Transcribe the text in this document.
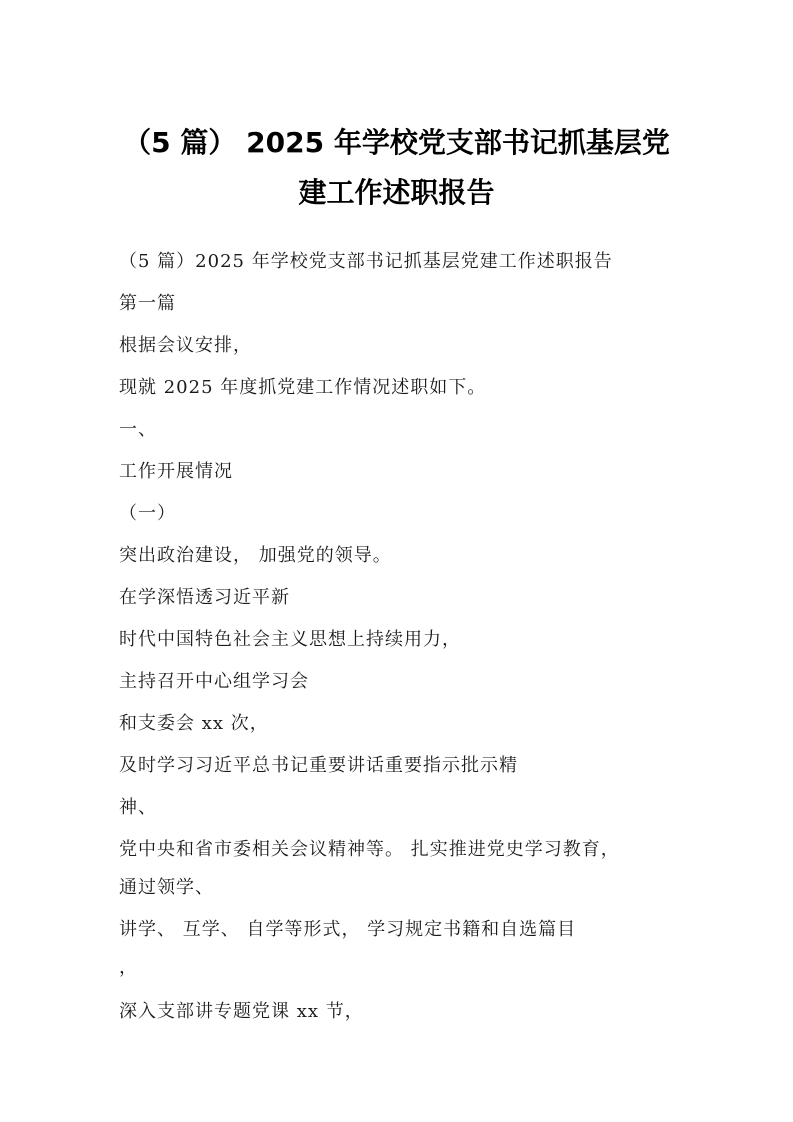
（5 篇） 2025 年学校党支部书记抓基层党
建工作述职报告
（5 篇）2025 年学校党支部书记抓基层党建工作述职报告
第一篇
根据会议安排，
现就 2025 年度抓党建工作情况述职如下。
一、
工作开展情况
（一）
突出政治建设， 加强党的领导。
在学深悟透习近平新
时代中国特色社会主义思想上持续用力，
主持召开中心组学习会
和支委会 xx 次，
及时学习习近平总书记重要讲话重要指示批示精
神、
党中央和省市委相关会议精神等。 扎实推进党史学习教育，
通过领学、
讲学、 互学、 自学等形式， 学习规定书籍和自选篇目
，
深入支部讲专题党课 xx 节，
